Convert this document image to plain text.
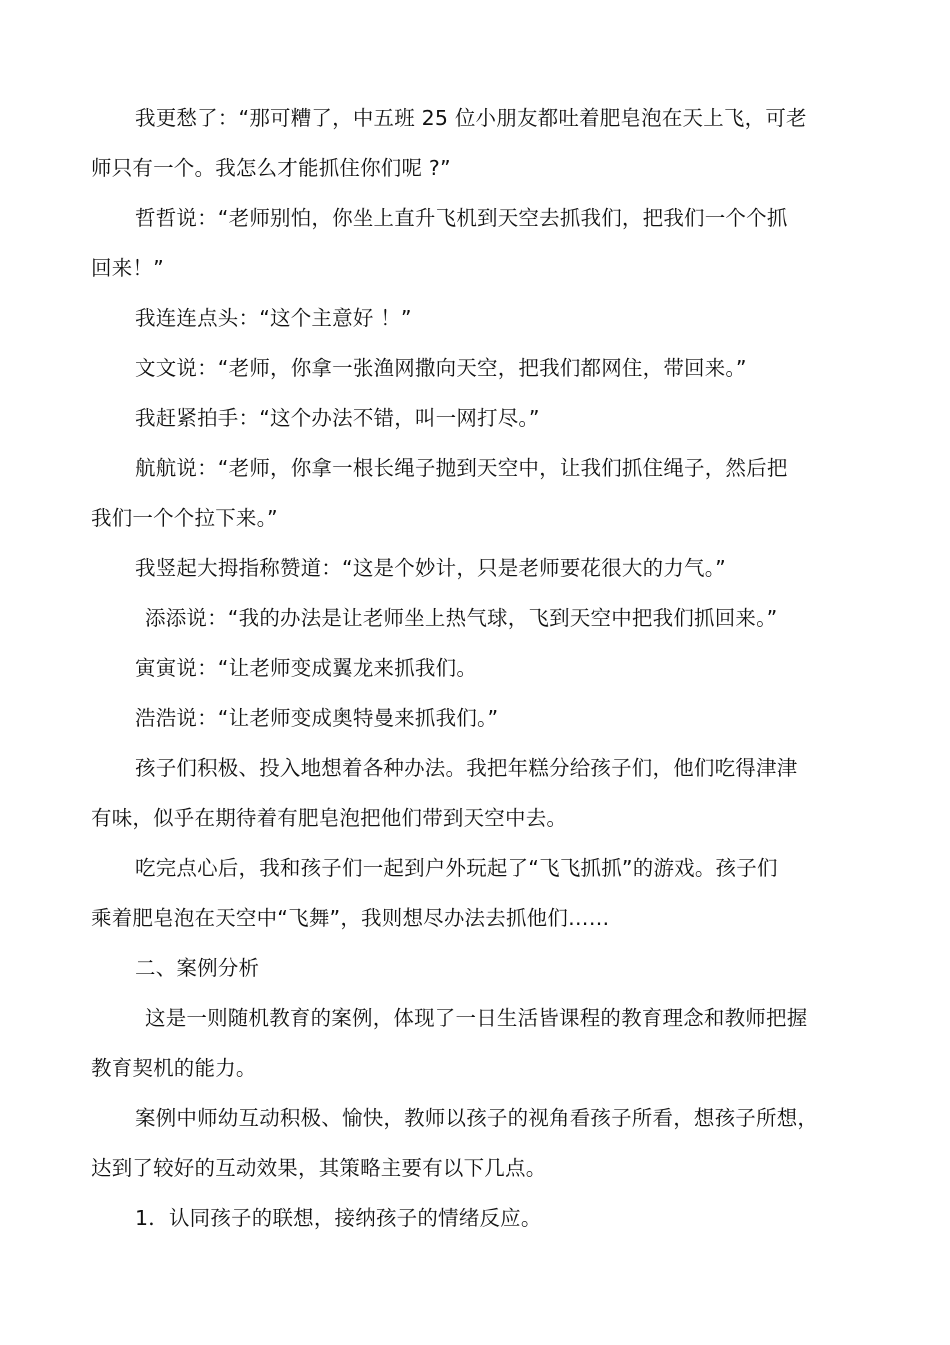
我更愁了：“那可糟了，中五班 25 位小朋友都吐着肥皂泡在天上飞，可老
师只有一个。我怎么才能抓住你们呢 ?”
哲哲说：“老师别怕，你坐上直升飞机到天空去抓我们，把我们一个个抓
回来！”
我连连点头：“这个主意好 ！”
文文说：“老师，你拿一张渔网撒向天空，把我们都网住，带回来。”
我赶紧拍手：“这个办法不错，叫一网打尽。”
航航说：“老师，你拿一根长绳子抛到天空中，让我们抓住绳子，然后把
我们一个个拉下来。”
我竖起大拇指称赞道：“这是个妙计，只是老师要花很大的力气。”
添添说：“我的办法是让老师坐上热气球，飞到天空中把我们抓回来。”
寅寅说：“让老师变成翼龙来抓我们。
浩浩说：“让老师变成奥特曼来抓我们。”
孩子们积极、投入地想着各种办法。我把年糕分给孩子们，他们吃得津津
有味，似乎在期待着有肥皂泡把他们带到天空中去。
吃完点心后，我和孩子们一起到户外玩起了“飞飞抓抓”的游戏。孩子们
乘着肥皂泡在天空中“飞舞”，我则想尽办法去抓他们……
二、案例分析
这是一则随机教育的案例，体现了一日生活皆课程的教育理念和教师把握
教育契机的能力。
案例中师幼互动积极、愉快，教师以孩子的视角看孩子所看，想孩子所想，
达到了较好的互动效果，其策略主要有以下几点。
1．认同孩子的联想，接纳孩子的情绪反应。
